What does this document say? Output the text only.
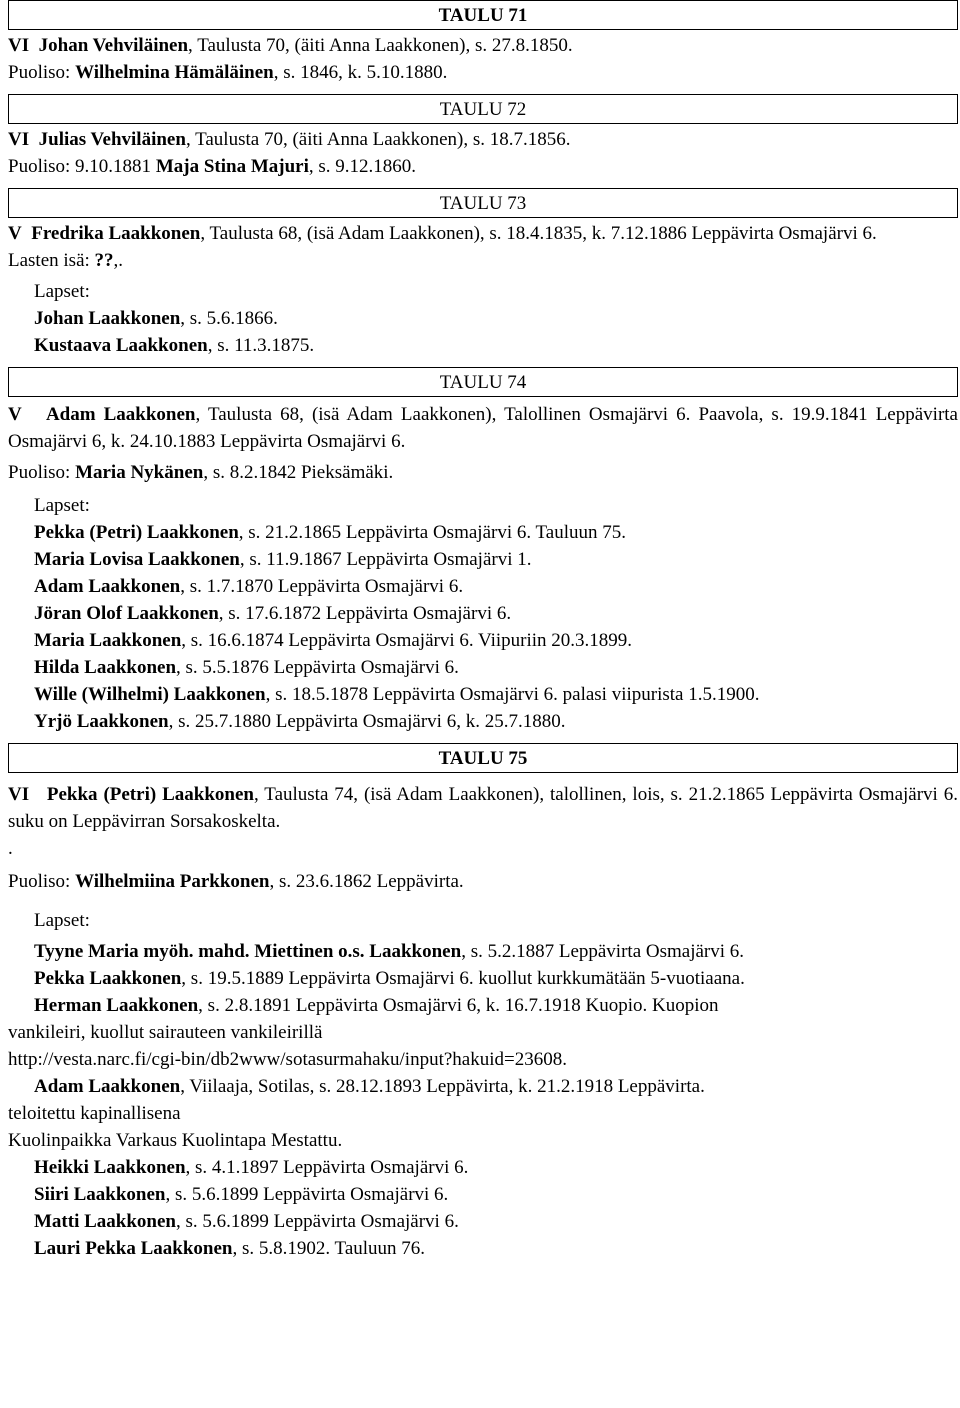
TAULU 71
VI Johan Vehviläinen, Taulusta 70, (äiti Anna Laakkonen), s. 27.8.1850.
Puoliso: Wilhelmina Hämäläinen, s. 1846, k. 5.10.1880.
TAULU 72
VI Julias Vehviläinen, Taulusta 70, (äiti Anna Laakkonen), s. 18.7.1856.
Puoliso: 9.10.1881 Maja Stina Majuri, s. 9.12.1860.
TAULU 73
V Fredrika Laakkonen, Taulusta 68, (isä Adam Laakkonen), s. 18.4.1835, k. 7.12.1886 Leppävirta Osmajärvi 6.
Lasten isä: ??,.
Lapset:
Johan Laakkonen, s. 5.6.1866.
Kustaava Laakkonen, s. 11.3.1875.
TAULU 74
V Adam Laakkonen, Taulusta 68, (isä Adam Laakkonen), Talollinen Osmajärvi 6. Paavola, s. 19.9.1841 Leppävirta Osmajärvi 6, k. 24.10.1883 Leppävirta Osmajärvi 6.
Puoliso: Maria Nykänen, s. 8.2.1842 Pieksämäki.
Lapset:
Pekka (Petri) Laakkonen, s. 21.2.1865 Leppävirta Osmajärvi 6. Tauluun 75.
Maria Lovisa Laakkonen, s. 11.9.1867 Leppävirta Osmajärvi 1.
Adam Laakkonen, s. 1.7.1870 Leppävirta Osmajärvi 6.
Jöran Olof Laakkonen, s. 17.6.1872 Leppävirta Osmajärvi 6.
Maria Laakkonen, s. 16.6.1874 Leppävirta Osmajärvi 6. Viipuriin 20.3.1899.
Hilda Laakkonen, s. 5.5.1876 Leppävirta Osmajärvi 6.
Wille (Wilhelmi) Laakkonen, s. 18.5.1878 Leppävirta Osmajärvi 6. palasi viipurista 1.5.1900.
Yrjö Laakkonen, s. 25.7.1880 Leppävirta Osmajärvi 6, k. 25.7.1880.
TAULU 75
VI Pekka (Petri) Laakkonen, Taulusta 74, (isä Adam Laakkonen), talollinen, lois, s. 21.2.1865 Leppävirta Osmajärvi 6. suku on Leppävirran Sorsakoskelta.
.
Puoliso: Wilhelmiina Parkkonen, s. 23.6.1862 Leppävirta.
Lapset:
Tyyne Maria myöh. mahd. Miettinen o.s. Laakkonen, s. 5.2.1887 Leppävirta Osmajärvi 6.
Pekka Laakkonen, s. 19.5.1889 Leppävirta Osmajärvi 6. kuollut kurkkumätään 5-vuotiaana.
Herman Laakkonen, s. 2.8.1891 Leppävirta Osmajärvi 6, k. 16.7.1918 Kuopio. Kuopion
vankileiri, kuollut sairauteen vankileirillä
http://vesta.narc.fi/cgi-bin/db2www/sotasurmahaku/input?hakuid=23608.
Adam Laakkonen, Viilaaja, Sotilas, s. 28.12.1893 Leppävirta, k. 21.2.1918 Leppävirta.
teloitettu kapinallisena
Kuolinpaikka Varkaus Kuolintapa Mestattu.
Heikki Laakkonen, s. 4.1.1897 Leppävirta Osmajärvi 6.
Siiri Laakkonen, s. 5.6.1899 Leppävirta Osmajärvi 6.
Matti Laakkonen, s. 5.6.1899 Leppävirta Osmajärvi 6.
Lauri Pekka Laakkonen, s. 5.8.1902. Tauluun 76.
